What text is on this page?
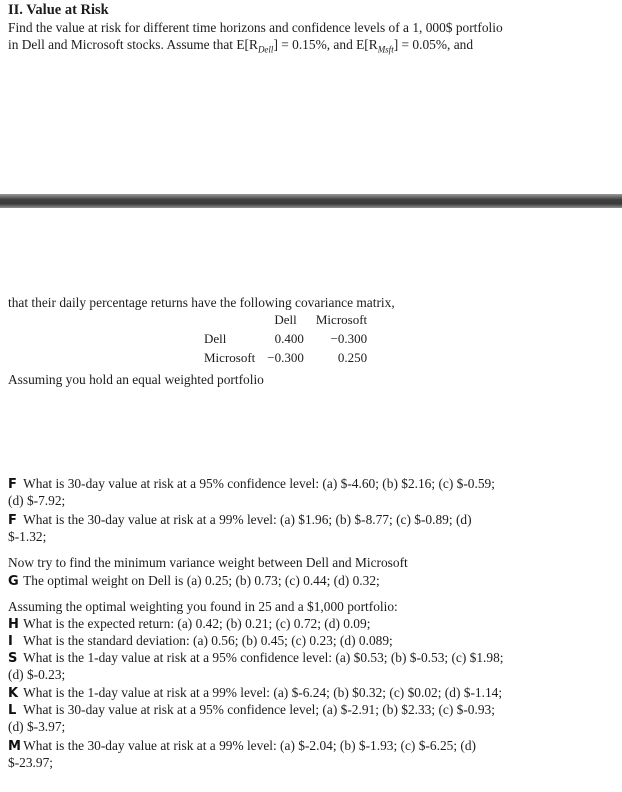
II. Value at Risk
Find the value at risk for different time horizons and confidence levels of a 1, 000$ portfolio
in Dell and Microsoft stocks. Assume that $E[R_{Dell}] = 0.15\%$, and $E[R_{Msft}] = 0.05\%$, and
that their daily percentage returns have the following covariance matrix,
	Dell	Microsoft
Dell	0.400	−0.300
Microsoft	−0.300	0.250
Assuming you hold an equal weighted portfolio
F What is 30-day value at risk at a 95% confidence level: (a) $-4.60; (b) $2.16; (c) $-0.59;
(d) $-7.92;
F What is the 30-day value at risk at a 99% level: (a) $1.96; (b) $-8.77; (c) $-0.89; (d)
$-1.32;
Now try to find the minimum variance weight between Dell and Microsoft
G The optimal weight on Dell is (a) 0.25; (b) 0.73; (c) 0.44; (d) 0.32;
Assuming the optimal weighting you found in 25 and a $1,000 portfolio:
H What is the expected return: (a) 0.42; (b) 0.21; (c) 0.72; (d) 0.09;
I What is the standard deviation: (a) 0.56; (b) 0.45; (c) 0.23; (d) 0.089;
S What is the 1-day value at risk at a 95% confidence level: (a) $0.53; (b) $-0.53; (c) $1.98;
(d) $-0.23;
K What is the 1-day value at risk at a 99% level: (a) $-6.24; (b) $0.32; (c) $0.02; (d) $-1.14;
L What is 30-day value at risk at a 95% confidence level; (a) $-2.91; (b) $2.33; (c) $-0.93;
(d) $-3.97;
M What is the 30-day value at risk at a 99% level: (a) $-2.04; (b) $-1.93; (c) $-6.25; (d)
$-23.97;
